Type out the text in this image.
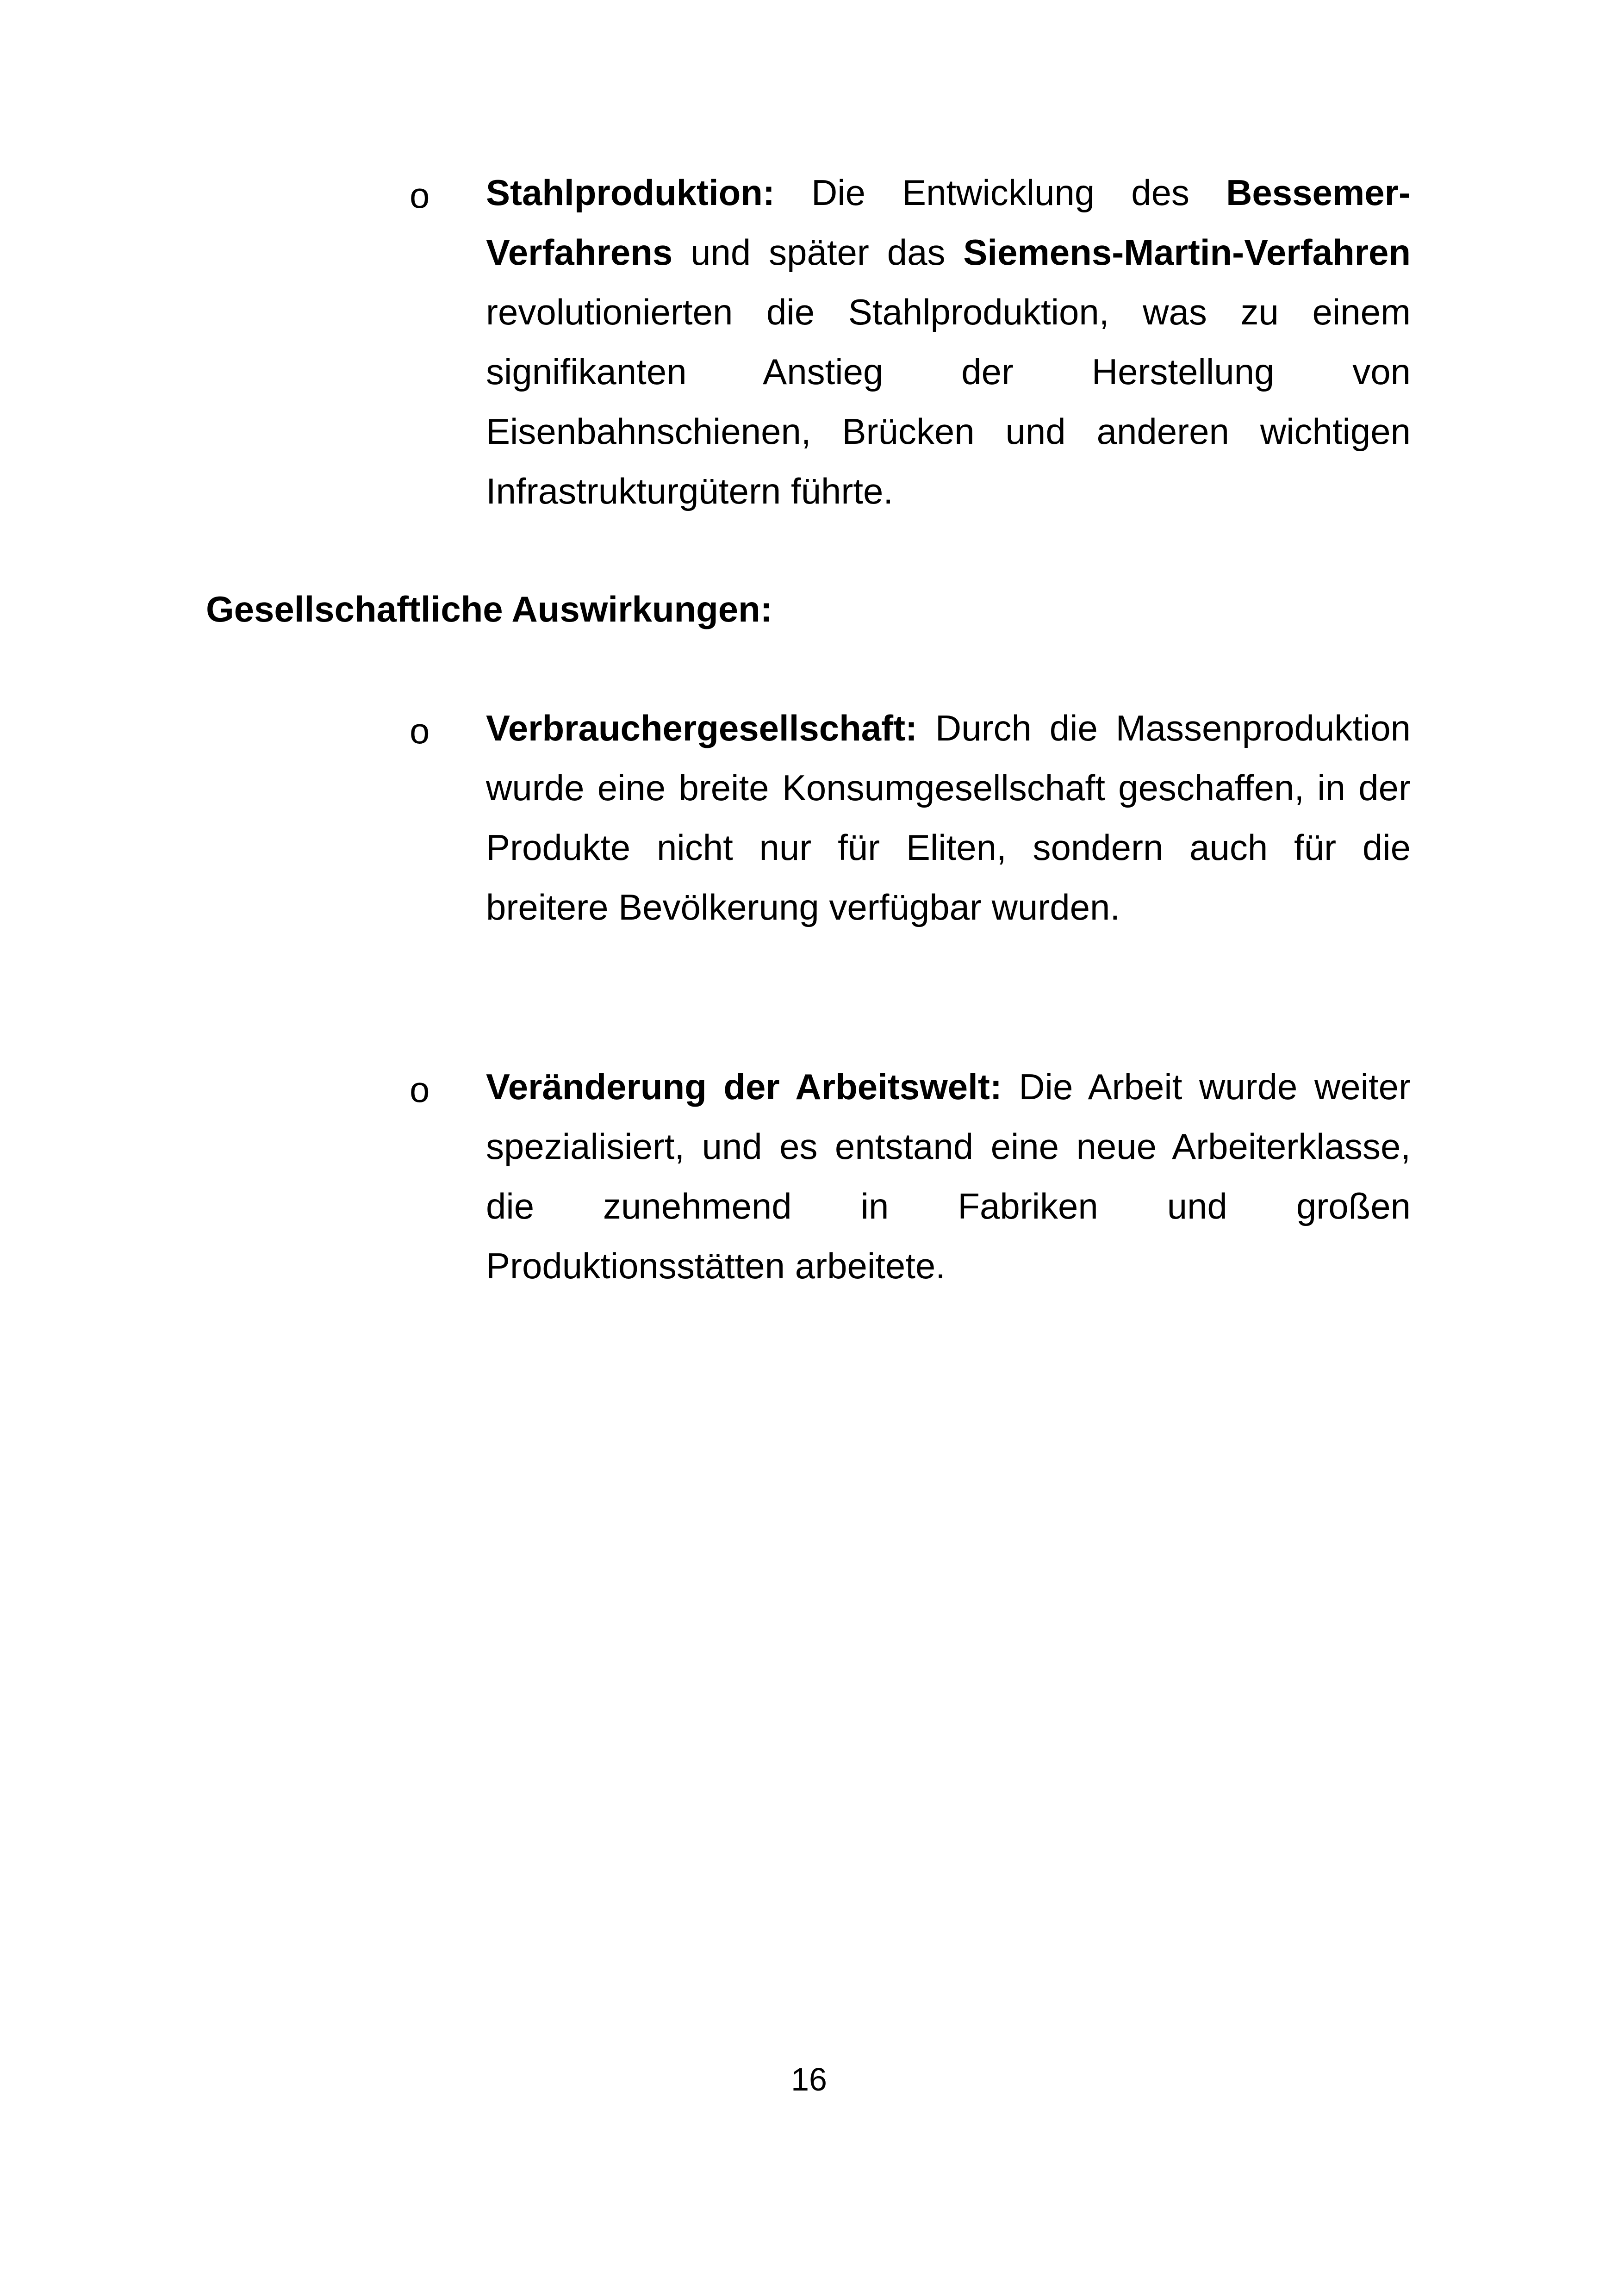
o Stahlproduktion: Die Entwicklung des Bessemer-Verfahrens und später das Siemens-Martin-Verfahren revolutionierten die Stahlproduktion, was zu einem signifikanten Anstieg der Herstellung von Eisenbahnschienen, Brücken und anderen wichtigen Infrastrukturgütern führte.
Gesellschaftliche Auswirkungen:
o Verbrauchergesellschaft: Durch die Massenproduktion wurde eine breite Konsumgesellschaft geschaffen, in der Produkte nicht nur für Eliten, sondern auch für die breitere Bevölkerung verfügbar wurden.
o Veränderung der Arbeitswelt: Die Arbeit wurde weiter spezialisiert, und es entstand eine neue Arbeiterklasse, die zunehmend in Fabriken und großen Produktionsstätten arbeitete.
16
